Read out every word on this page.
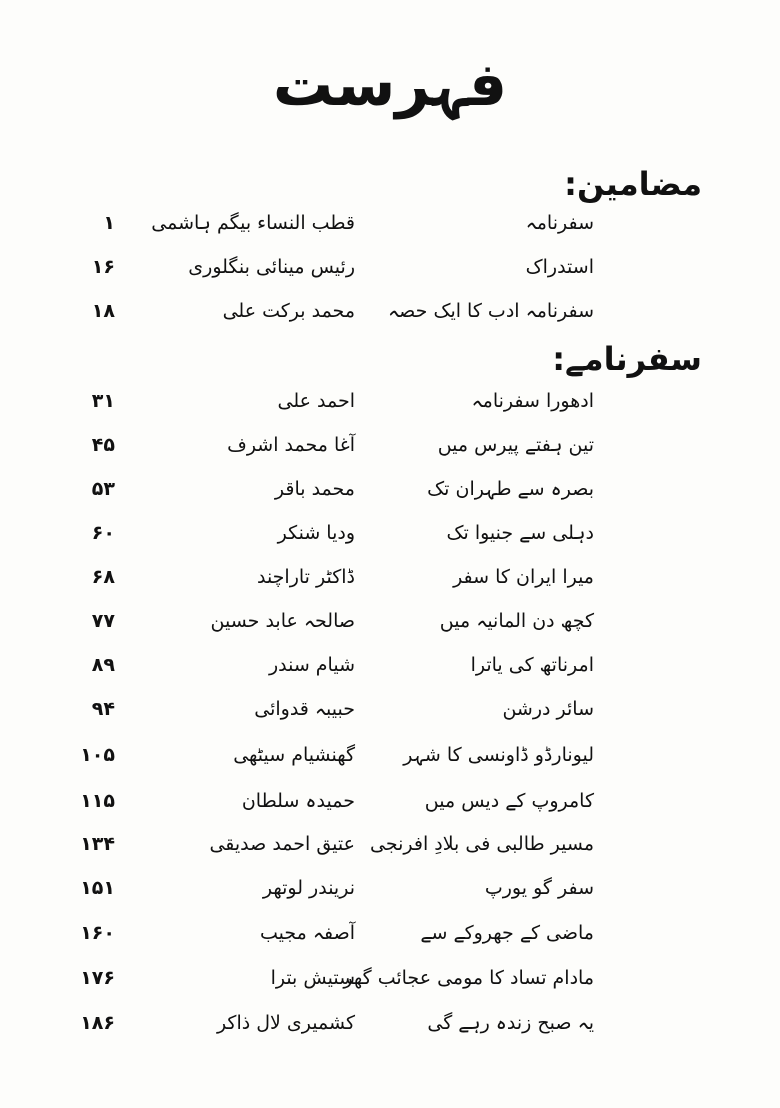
فہرست
مضامین:
سفرنامہ
قطب النساء بیگم ہاشمی
۱
استدراک
رئیس مینائی بنگلوری
۱۶
سفرنامہ ادب کا ایک حصہ
محمد برکت علی
۱۸
سفرنامے:
ادھورا سفرنامہ
احمد علی
۳۱
تین ہفتے پیرس میں
آغا محمد اشرف
۴۵
بصرہ سے طہران تک
محمد باقر
۵۳
دہلی سے جنیوا تک
ودیا شنکر
۶۰
میرا ایران کا سفر
ڈاکٹر تاراچند
۶۸
کچھ دن المانیہ میں
صالحہ عابد حسین
۷۷
امرناتھ کی یاترا
شیام سندر
۸۹
سائر درشن
حبیبہ قدوائی
۹۴
لیونارڈو ڈاونسی کا شہر
گھنشیام سیٹھی
۱۰۵
کامروپ کے دیس میں
حمیدہ سلطان
۱۱۵
مسیر طالبی فی بلادِ افرنجی
عتیق احمد صدیقی
۱۳۴
سفر گو یورپ
نریندر لوتھر
۱۵۱
ماضی کے جھروکے سے
آصفہ مجیب
۱۶۰
مادام تساد کا مومی عجائب گھر
ستیش بترا
۱۷۶
یہ صبح زندہ رہے گی
کشمیری لال ذاکر
۱۸۶
